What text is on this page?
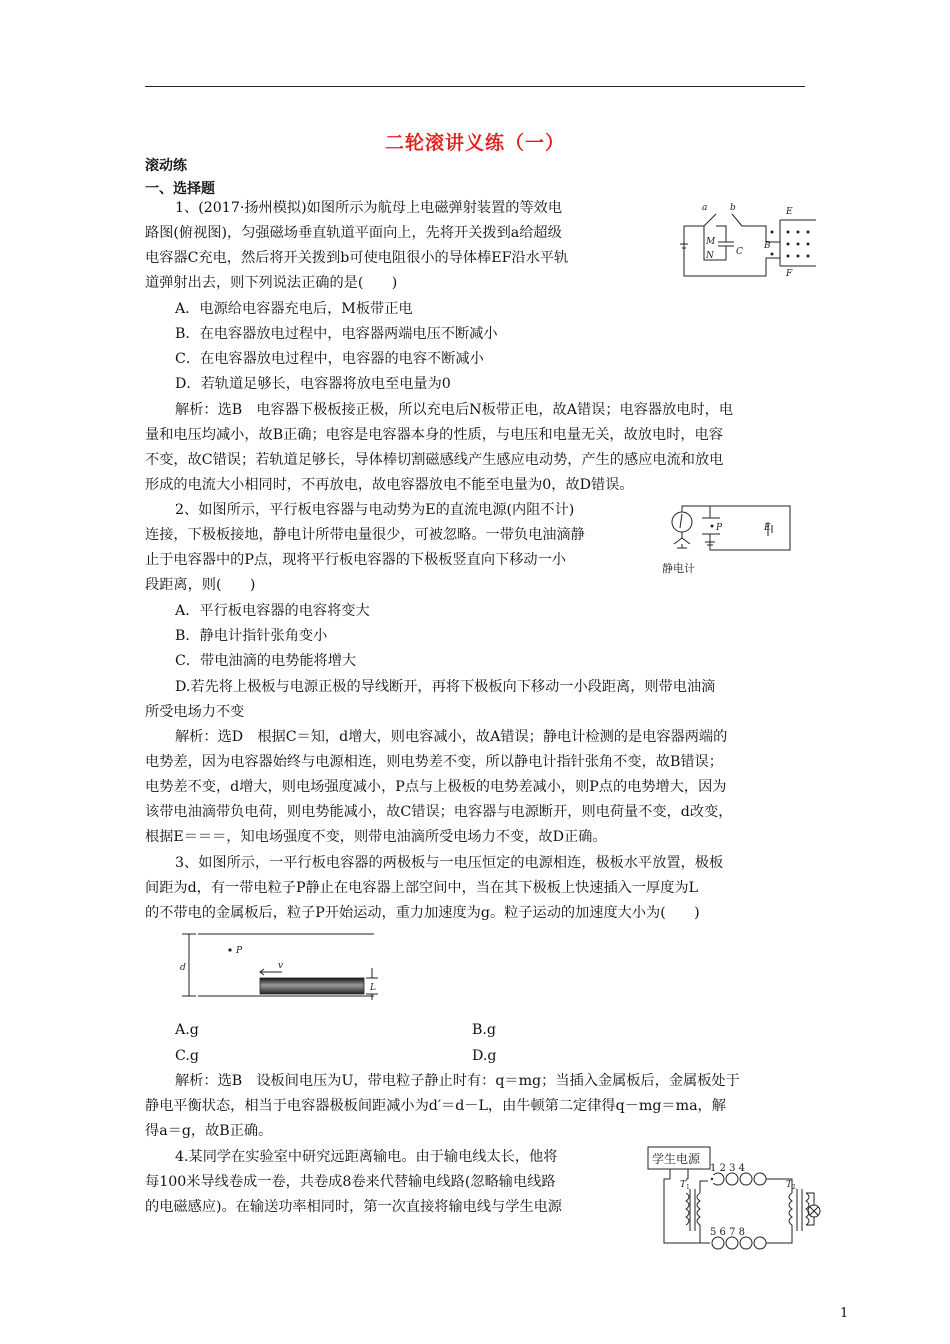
二轮滚讲义练（一）
滚动练
一、选择题
1、(2017·扬州模拟)如图所示为航母上电磁弹射装置的等效电
路图(俯视图)，匀强磁场垂直轨道平面向上，先将开关拨到a给超级
电容器C充电，然后将开关拨到b可使电阻很小的导体棒EF沿水平轨
道弹射出去，则下列说法正确的是(　　)
A．电源给电容器充电后，M板带正电
B．在电容器放电过程中，电容器两端电压不断减小
C．在电容器放电过程中，电容器的电容不断减小
D．若轨道足够长，电容器将放电至电量为0
解析：选B　电容器下极板接正极，所以充电后N板带正电，故A错误；电容器放电时，电
量和电压均减小，故B正确；电容是电容器本身的性质，与电压和电量无关，故放电时，电容
不变，故C错误；若轨道足够长，导体棒切割磁感线产生感应电动势，产生的感应电流和放电
形成的电流大小相同时，不再放电，故电容器放电不能至电量为0，故D错误。
a	b
M
N C
B
E
F
2、如图所示，平行板电容器与电动势为E的直流电源(内阻不计)
连接，下极板接地，静电计所带电量很少，可被忽略。一带负电油滴静
止于电容器中的P点，现将平行板电容器的下极板竖直向下移动一小
段距离，则(　　)
A．平行板电容器的电容将变大
B．静电计指针张角变小
C．带电油滴的电势能将增大
D.若先将上极板与电源正极的导线断开，再将下极板向下移动一小段距离，则带电油滴
所受电场力不变
解析：选D　根据C＝知，d增大，则电容减小，故A错误；静电计检测的是电容器两端的
电势差，因为电容器始终与电源相连，则电势差不变，所以静电计指针张角不变，故B错误；
电势差不变，d增大，则电场强度减小，P点与上极板的电势差减小，则P点的电势增大，因为
该带电油滴带负电荷，则电势能减小，故C错误；电容器与电源断开，则电荷量不变，d改变，
根据E＝＝＝，知电场强度不变，则带电油滴所受电场力不变，故D正确。
P	E
静电计
3、如图所示，一平行板电容器的两极板与一电压恒定的电源相连，极板水平放置，极板
间距为d，有一带电粒子P静止在电容器上部空间中，当在其下极板上快速插入一厚度为L
的不带电的金属板后，粒子P开始运动，重力加速度为g。粒子运动的加速度大小为(　　)
P
d	v
L
A.g	B.g
C.g	D.g
解析：选B　设板间电压为U，带电粒子静止时有：q＝mg；当插入金属板后，金属板处于
静电平衡状态，相当于电容器极板间距减小为d′＝d－L，由牛顿第二定律得q－mg＝ma，解
得a＝g，故B正确。
4.某同学在实验室中研究远距离输电。由于输电线太长，他将
每100米导线卷成一卷，共卷成8卷来代替输电线路(忽略输电线路
的电磁感应)。在输送功率相同时，第一次直接将输电线与学生电源
学生电源
1 2 3 4
5 6 7 8
T	T
1	2
1
